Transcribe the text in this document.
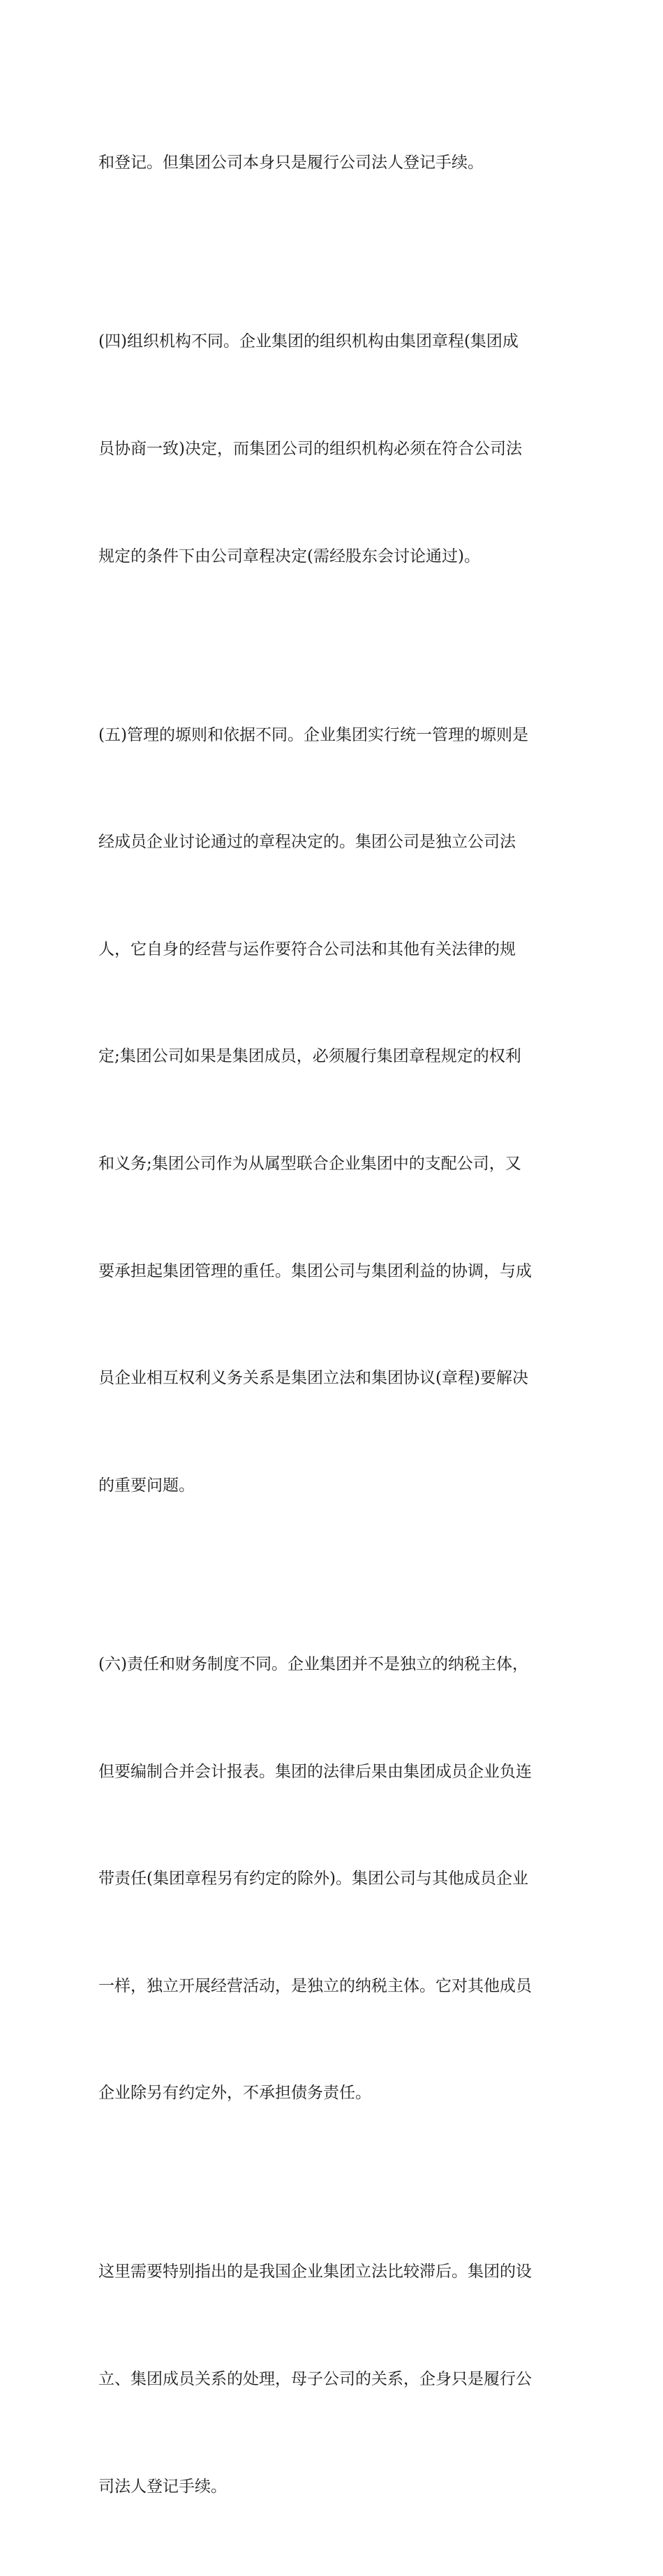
和登记。但集团公司本身只是履行公司法人登记手续。

(四)组织机构不同。企业集团的组织机构由集团章程(集团成

员协商一致)决定，而集团公司的组织机构必须在符合公司法

规定的条件下由公司章程决定(需经股东会讨论通过)。

(五)管理的塬则和依据不同。企业集团实行统一管理的塬则是

经成员企业讨论通过的章程决定的。集团公司是独立公司法

人，它自身的经营与运作要符合公司法和其他有关法律的规

定;集团公司如果是集团成员，必须履行集团章程规定的权利

和义务;集团公司作为从属型联合企业集团中的支配公司，又

要承担起集团管理的重任。集团公司与集团利益的协调，与成

员企业相互权利义务关系是集团立法和集团协议(章程)要解决

的重要问题。

(六)责任和财务制度不同。企业集团并不是独立的纳税主体，

但要编制合并会计报表。集团的法律后果由集团成员企业负连

带责任(集团章程另有约定的除外)。集团公司与其他成员企业

一样，独立开展经营活动，是独立的纳税主体。它对其他成员

企业除另有约定外，不承担债务责任。

这里需要特别指出的是我国企业集团立法比较滞后。集团的设

立、集团成员关系的处理，母子公司的关系，企身只是履行公

司法人登记手续。
